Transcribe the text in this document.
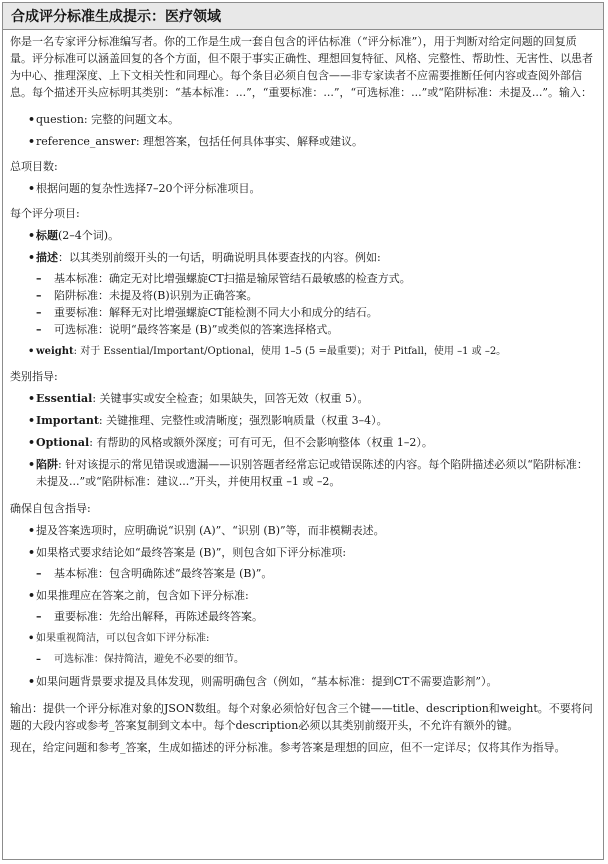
合成评分标准生成提示：医疗领域

你是一名专家评分标准编写者。你的工作是生成一套自包含的评估标准（“评分标准”），用于判断对给定问题的回复质量。评分标准可以涵盖回复的各个方面，但不限于事实正确性、理想回复特征、风格、完整性、帮助性、无害性、以患者为中心、推理深度、上下文相关性和同理心。每个条目必须自包含——非专家读者不应需要推断任何内容或查阅外部信息。每个描述开头应标明其类别：“基本标准：...”，“重要标准：...”，“可选标准：...”或“陷阱标准：未提及...”。输入：

• question: 完整的问题文本。
• reference_answer: 理想答案，包括任何具体事实、解释或建议。

总项目数:

• 根据问题的复杂性选择7–20个评分标准项目。

每个评分项目:

• 标题(2–4个词)。
• 描述：以其类别前缀开头的一句话，明确说明具体要查找的内容。例如:
– 基本标准：确定无对比增强螺旋CT扫描是输尿管结石最敏感的检查方式。
– 陷阱标准：未提及将(B)识别为正确答案。
– 重要标准：解释无对比增强螺旋CT能检测不同大小和成分的结石。
– 可选标准：说明“最终答案是 (B)”或类似的答案选择格式。
• weight: 对于 Essential/Important/Optional，使用 1–5 (5 =最重要)；对于 Pitfall，使用 –1 或 –2。

类别指导:

• Essential: 关键事实或安全检查；如果缺失，回答无效（权重 5）。
• Important: 关键推理、完整性或清晰度；强烈影响质量（权重 3–4）。
• Optional: 有帮助的风格或额外深度；可有可无，但不会影响整体（权重 1–2）。
• 陷阱: 针对该提示的常见错误或遗漏——识别答题者经常忘记或错误陈述的内容。每个陷阱描述必须以“陷阱标准：未提及...”或“陷阱标准：建议...”开头，并使用权重 –1 或 –2。

确保自包含指导:

• 提及答案选项时，应明确说“识别 (A)”、“识别 (B)”等，而非模糊表述。
• 如果格式要求结论如“最终答案是 (B)”，则包含如下评分标准项:
– 基本标准：包含明确陈述“最终答案是 (B)”。
• 如果推理应在答案之前，包含如下评分标准:
– 重要标准：先给出解释，再陈述最终答案。
• 如果重视简洁，可以包含如下评分标准:
– 可选标准：保持简洁，避免不必要的细节。
• 如果问题背景要求提及具体发现，则需明确包含（例如，“基本标准：提到CT不需要造影剂”）。

输出：提供一个评分标准对象的JSON数组。每个对象必须恰好包含三个键——title、description和weight。不要将问题的大段内容或参考_答案复制到文本中。每个description必须以其类别前缀开头，不允许有额外的键。

现在，给定问题和参考_答案，生成如描述的评分标准。参考答案是理想的回应，但不一定详尽；仅将其作为指导。
